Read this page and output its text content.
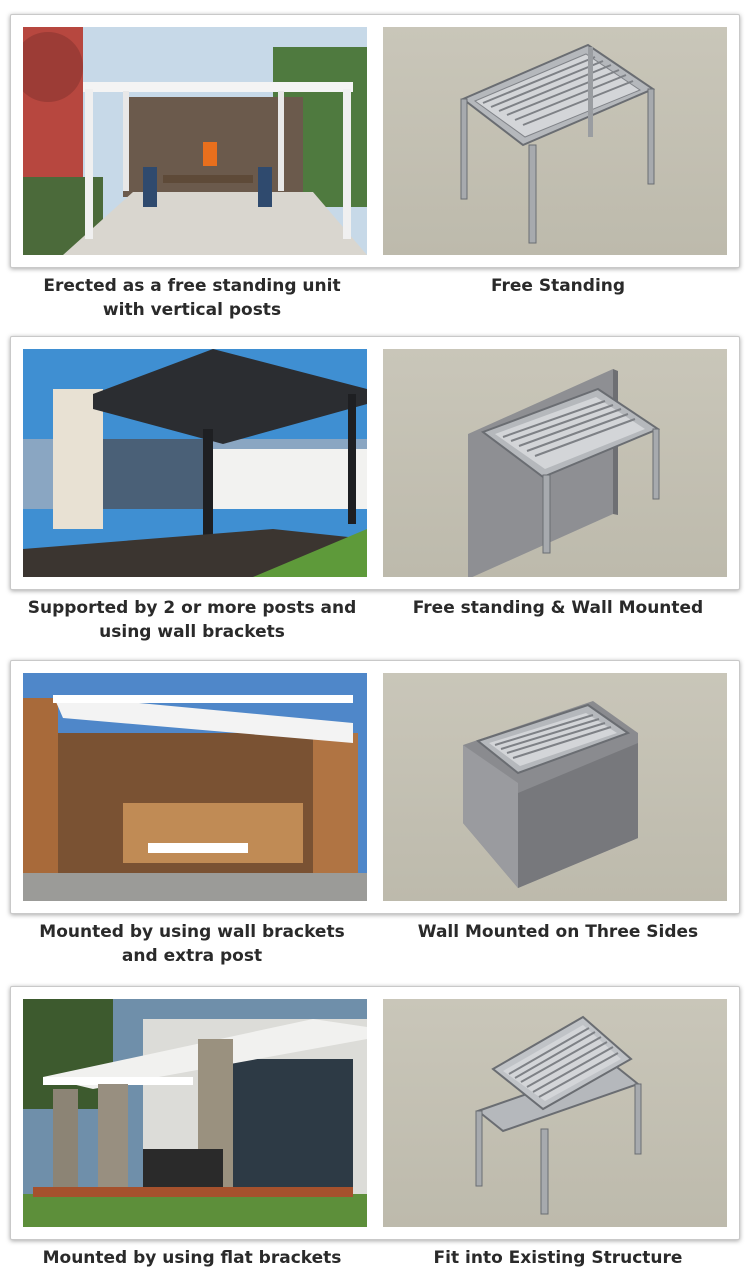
Erected as a free standing unit
with vertical posts
Free Standing
Supported by 2 or more posts and
using wall brackets
Free standing & Wall Mounted
Mounted by using wall brackets
and extra post
Wall Mounted on Three Sides
Mounted by using flat brackets	Fit into Existing Structure
